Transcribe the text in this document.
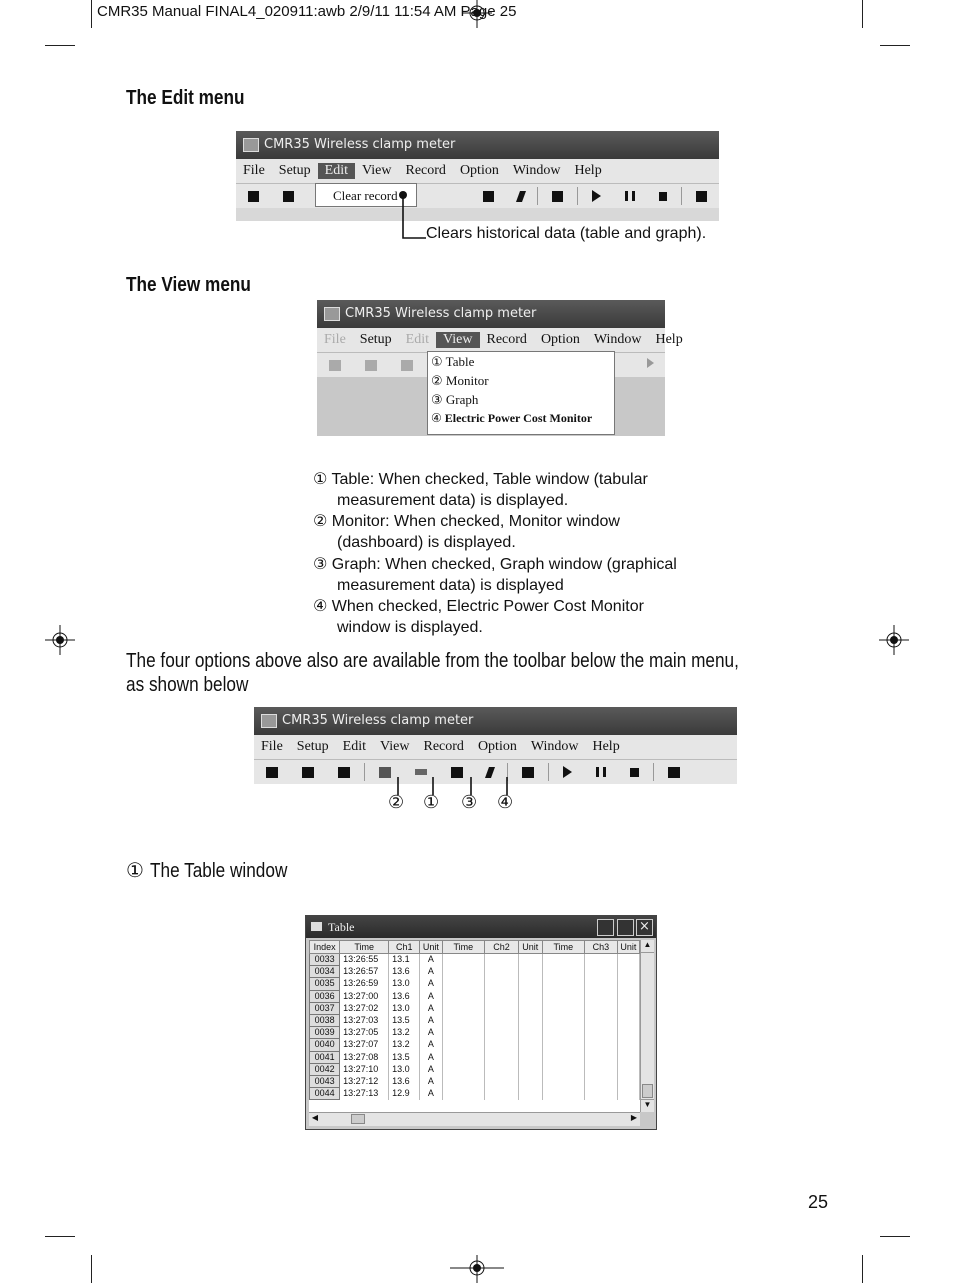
CMR35 Manual FINAL4_020911:awb 2/9/11 11:54 AM Page 25
The Edit menu
CMR35 Wireless clamp meter
File	Setup	Edit	View	Record	Option	Window	Help
Clear record
Clears historical data (table and graph).
The View menu
CMR35 Wireless clamp meter
File	Setup	Edit	View	Record	Option	Window	Help
① Table
② Monitor
③ Graph
④ Electric Power Cost Monitor
① Table: When checked, Table window (tabular
measurement data) is displayed.
② Monitor: When checked, Monitor window
(dashboard) is displayed.
③ Graph: When checked, Graph window (graphical
measurement data) is displayed
④ When checked, Electric Power Cost Monitor
window is displayed.
The four options above also are available from the toolbar below the main menu,
as shown below
CMR35 Wireless clamp meter
File	Setup	Edit	View	Record	Option	Window	Help
② ① ③ ④
① The Table window
Table	×
Index	Time	Ch1	Unit	Time	Ch2	Unit	Time	Ch3	Unit
0033	13:26:55	13.1	A						
0034	13:26:57	13.6	A						
0035	13:26:59	13.0	A						
0036	13:27:00	13.6	A						
0037	13:27:02	13.0	A						
0038	13:27:03	13.5	A						
0039	13:27:05	13.2	A						
0040	13:27:07	13.2	A						
0041	13:27:08	13.5	A						
0042	13:27:10	13.0	A						
0043	13:27:12	13.6	A						
0044	13:27:13	12.9	A						
▲
▼
◀	▶
25
